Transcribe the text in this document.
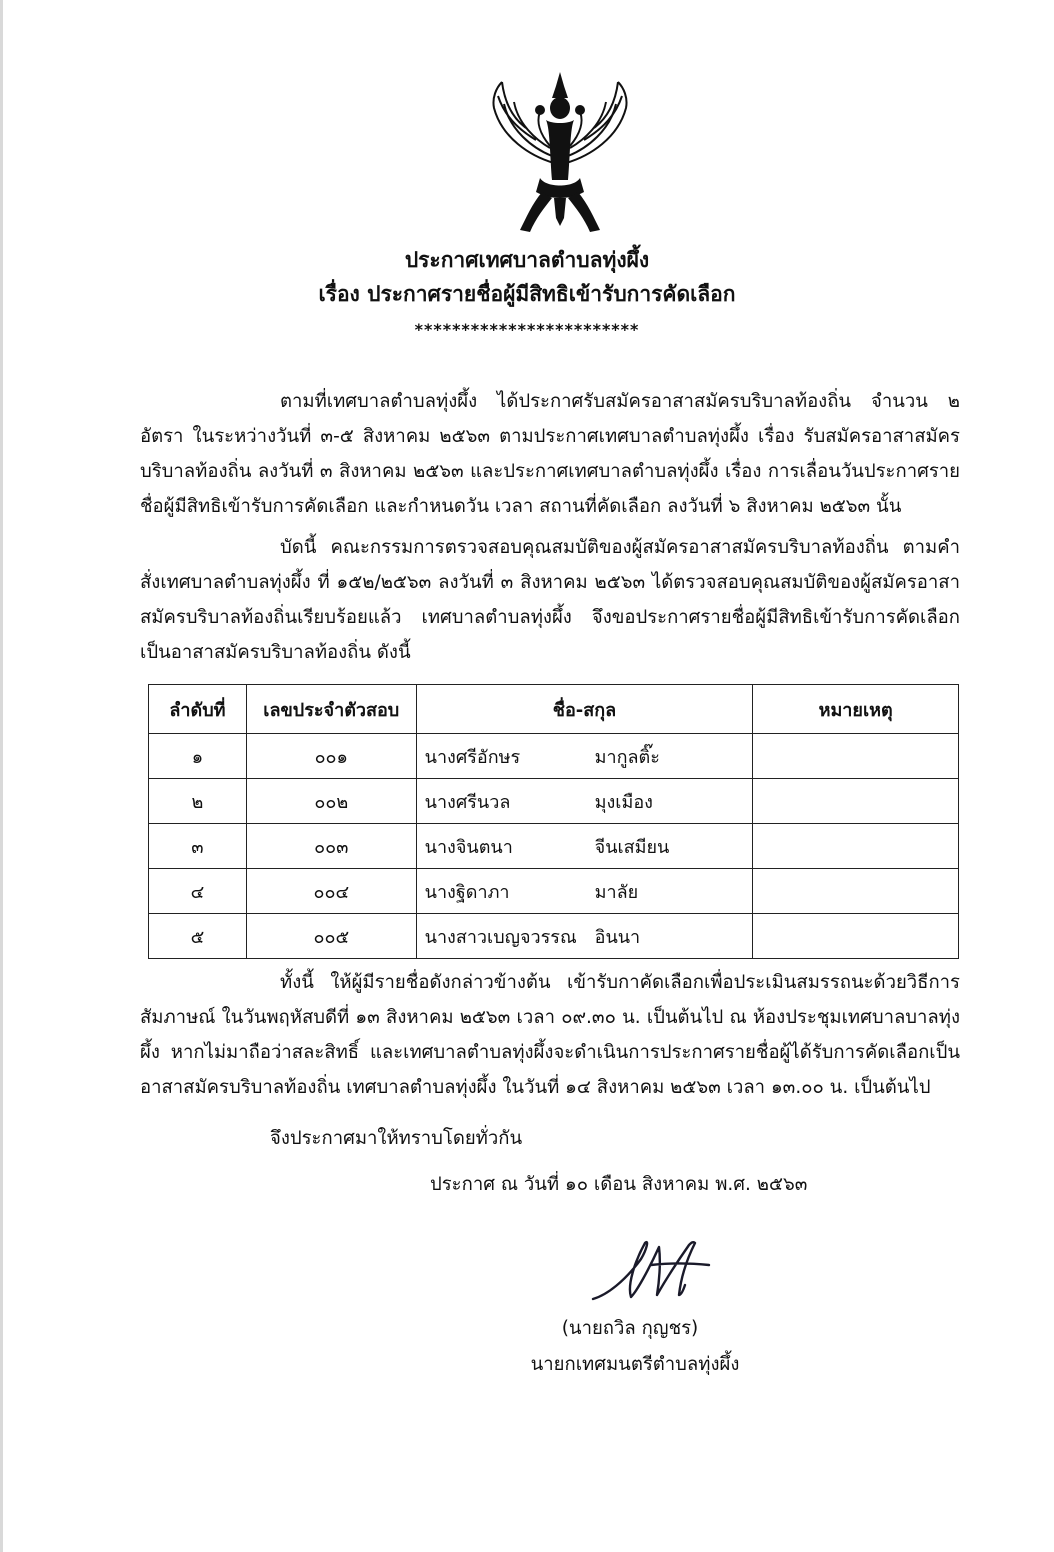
ประกาศเทศบาลตำบลทุ่งผึ้ง
เรื่อง ประกาศรายชื่อผู้มีสิทธิเข้ารับการคัดเลือก
************************
ตามที่เทศบาลตำบลทุ่งผึ้ง ได้ประกาศรับสมัครอาสาสมัครบริบาลท้องถิ่น จำนวน ๒ อัตรา ในระหว่างวันที่ ๓-๕ สิงหาคม ๒๕๖๓ ตามประกาศเทศบาลตำบลทุ่งผึ้ง เรื่อง รับสมัครอาสาสมัครบริบาลท้องถิ่น ลงวันที่ ๓ สิงหาคม ๒๕๖๓ และประกาศเทศบาลตำบลทุ่งผึ้ง เรื่อง การเลื่อนวันประกาศรายชื่อผู้มีสิทธิเข้ารับการคัดเลือก และกำหนดวัน เวลา สถานที่คัดเลือก ลงวันที่ ๖ สิงหาคม ๒๕๖๓ นั้น
บัดนี้ คณะกรรมการตรวจสอบคุณสมบัติของผู้สมัครอาสาสมัครบริบาลท้องถิ่น ตามคำสั่งเทศบาลตำบลทุ่งผึ้ง ที่ ๑๕๒/๒๕๖๓ ลงวันที่ ๓ สิงหาคม ๒๕๖๓ ได้ตรวจสอบคุณสมบัติของผู้สมัครอาสาสมัครบริบาลท้องถิ่นเรียบร้อยแล้ว เทศบาลตำบลทุ่งผึ้ง จึงขอประกาศรายชื่อผู้มีสิทธิเข้ารับการคัดเลือกเป็นอาสาสมัครบริบาลท้องถิ่น ดังนี้
ลำดับที่	เลขประจำตัวสอบ	ชื่อ-สกุล	หมายเหตุ
๑	๐๐๑	นางศรีอักษร มากูลติ๊ะ	
๒	๐๐๒	นางศรีนวล มุงเมือง	
๓	๐๐๓	นางจินตนา จีนเสมียน	
๔	๐๐๔	นางฐิดาภา มาลัย	
๕	๐๐๕	นางสาวเบญจวรรณ อินนา	
ทั้งนี้ ให้ผู้มีรายชื่อดังกล่าวข้างต้น เข้ารับกาคัดเลือกเพื่อประเมินสมรรถนะด้วยวิธีการสัมภาษณ์ ในวันพฤหัสบดีที่ ๑๓ สิงหาคม ๒๕๖๓ เวลา ๐๙.๓๐ น. เป็นต้นไป ณ ห้องประชุมเทศบาลบาลทุ่งผึ้ง หากไม่มาถือว่าสละสิทธิ์ และเทศบาลตำบลทุ่งผึ้งจะดำเนินการประกาศรายชื่อผู้ได้รับการคัดเลือกเป็นอาสาสมัครบริบาลท้องถิ่น เทศบาลตำบลทุ่งผึ้ง ในวันที่ ๑๔ สิงหาคม ๒๕๖๓ เวลา ๑๓.๐๐ น. เป็นต้นไป
จึงประกาศมาให้ทราบโดยทั่วกัน
ประกาศ ณ วันที่ ๑๐ เดือน สิงหาคม พ.ศ. ๒๕๖๓
(นายถวิล กุญชร)
นายกเทศมนตรีตำบลทุ่งผึ้ง
